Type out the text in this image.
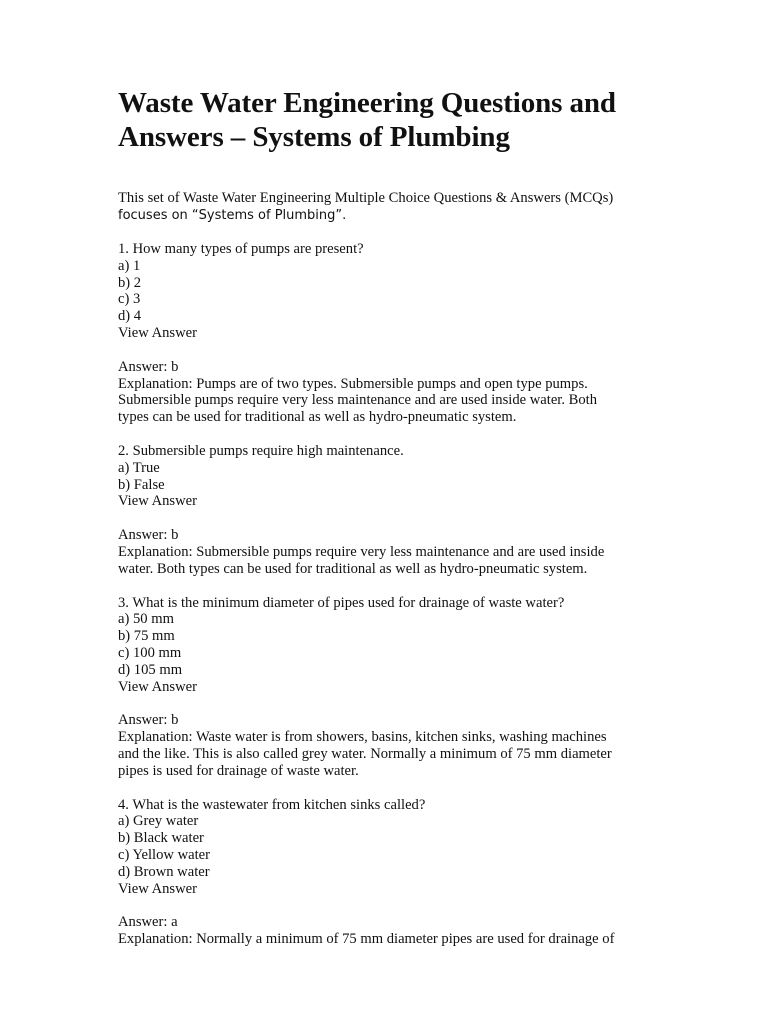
Waste Water Engineering Questions and
Answers – Systems of Plumbing
This set of Waste Water Engineering Multiple Choice Questions & Answers (MCQs)
focuses on “Systems of Plumbing”.
1. How many types of pumps are present?
a) 1
b) 2
c) 3
d) 4
View Answer
Answer: b
Explanation: Pumps are of two types. Submersible pumps and open type pumps.
Submersible pumps require very less maintenance and are used inside water. Both
types can be used for traditional as well as hydro-pneumatic system.
2. Submersible pumps require high maintenance.
a) True
b) False
View Answer
Answer: b
Explanation: Submersible pumps require very less maintenance and are used inside
water. Both types can be used for traditional as well as hydro-pneumatic system.
3. What is the minimum diameter of pipes used for drainage of waste water?
a) 50 mm
b) 75 mm
c) 100 mm
d) 105 mm
View Answer
Answer: b
Explanation: Waste water is from showers, basins, kitchen sinks, washing machines
and the like. This is also called grey water. Normally a minimum of 75 mm diameter
pipes is used for drainage of waste water.
4. What is the wastewater from kitchen sinks called?
a) Grey water
b) Black water
c) Yellow water
d) Brown water
View Answer
Answer: a
Explanation: Normally a minimum of 75 mm diameter pipes are used for drainage of
